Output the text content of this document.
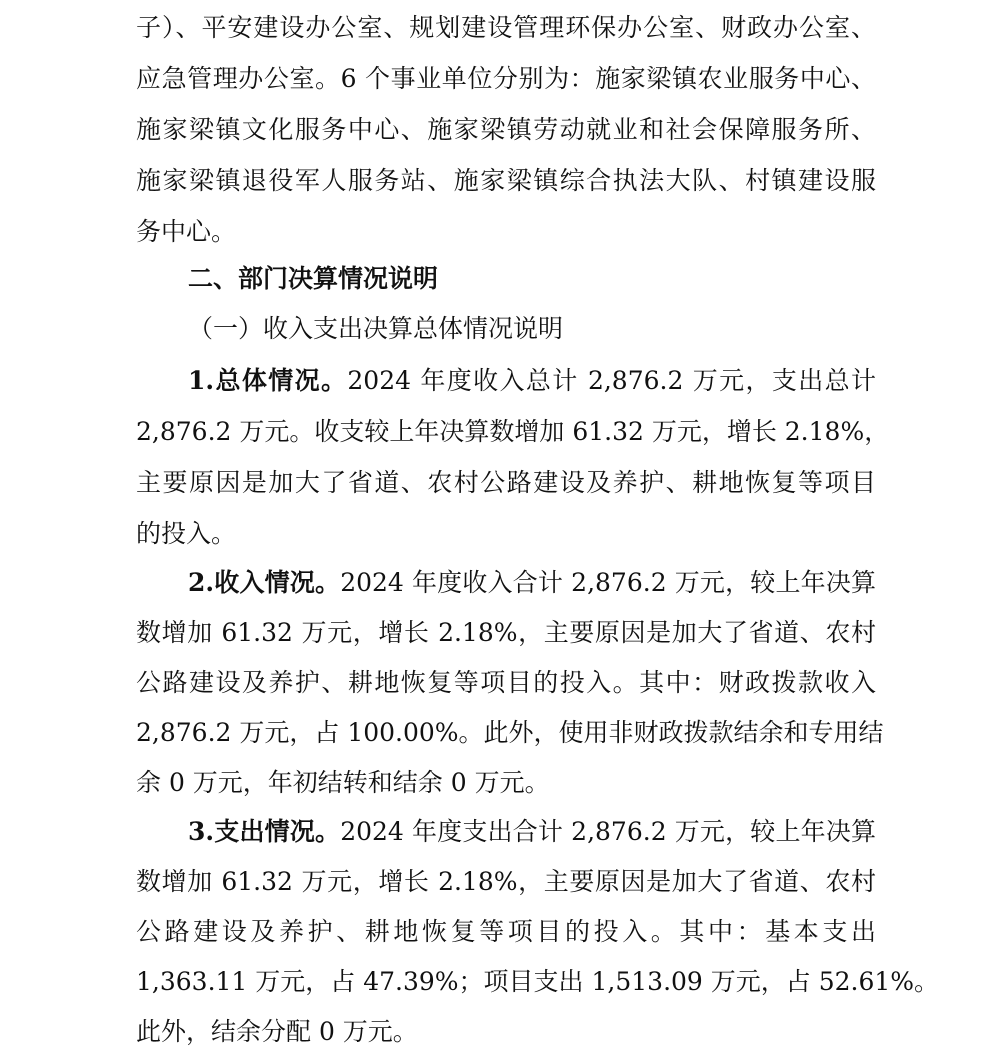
子）、平安建设办公室、规划建设管理环保办公室、财政办公室、
应急管理办公室。6 个事业单位分别为：施家梁镇农业服务中心、
施家梁镇文化服务中心、施家梁镇劳动就业和社会保障服务所、
施家梁镇退役军人服务站、施家梁镇综合执法大队、村镇建设服
务中心。
二、部门决算情况说明
（一）收入支出决算总体情况说明
1.总体情况。2024 年度收入总计 2,876.2 万元，支出总计
2,876.2 万元。收支较上年决算数增加 61.32 万元，增长 2.18%，
主要原因是加大了省道、农村公路建设及养护、耕地恢复等项目
的投入。
2.收入情况。2024 年度收入合计 2,876.2 万元，较上年决算
数增加 61.32 万元，增长 2.18%，主要原因是加大了省道、农村
公路建设及养护、耕地恢复等项目的投入。其中：财政拨款收入
2,876.2 万元，占 100.00%。此外，使用非财政拨款结余和专用结
余 0 万元，年初结转和结余 0 万元。
3.支出情况。2024 年度支出合计 2,876.2 万元，较上年决算
数增加 61.32 万元，增长 2.18%，主要原因是加大了省道、农村
公路建设及养护、耕地恢复等项目的投入。其中：基本支出
1,363.11 万元，占 47.39%；项目支出 1,513.09 万元，占 52.61%。
此外，结余分配 0 万元。
